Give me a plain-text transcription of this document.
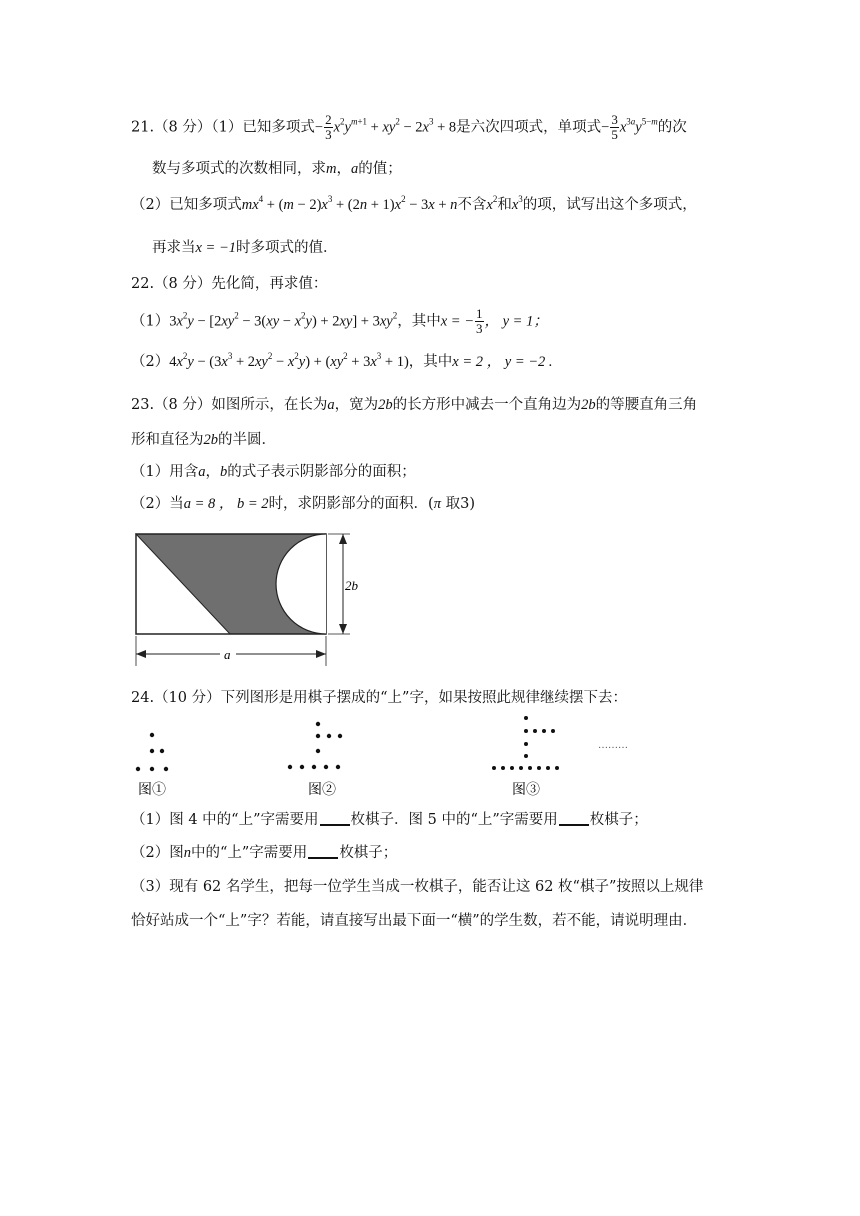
21.（8 分）（1）已知多项式− $\frac{2}{3} x^2y^{m+1} + xy^2 - 2x^3 + 8$是六次四项式，单项式− $\frac{3}{5} x^{3a}y^{5-m}$的次
数与多项式的次数相同，求m，a的值；
（2）已知多项式$mx^4 + (m - 2)x^3 + (2n + 1)x^2 - 3x + n$不含$x^2$和$x^3$的项，试写出这个多项式，
再求当x = −1时多项式的值．
22.（8 分）先化简，再求值：
$(1)3x^2y - [2xy^2 - 3(xy - x^2y) + 2xy] + 3xy^2$，其中x = − $\frac{1}{3}$ ， y = 1；
$(2)4x^2y - (3x^3 + 2xy^2 - x^2y) + (xy^2 + 3x^3 + 1)$，其中x = 2 ， y = −2 .
23.（8 分）如图所示，在长为a，宽为2b的长方形中减去一个直角边为2b的等腰直角三角
形和直径为2b的半圆．
（1）用含a，b的式子表示阴影部分的面积；
（2）当a = 8 ， b = 2时，求阴影部分的面积．(π 取3)
2b
a
24.（10 分）下列图形是用棋子摆成的“上”字，如果按照此规律继续摆下去：
图①	图②	图③
………
（1）图 4 中的“上”字需要用 枚棋子．图 5 中的“上”字需要用 枚棋子；
（2）图n中的“上”字需要用 枚棋子；
（3）现有 62 名学生，把每一位学生当成一枚棋子，能否让这 62 枚“棋子”按照以上规律
恰好站成一个“上”字？若能，请直接写出最下面一“横”的学生数，若不能，请说明理由．
